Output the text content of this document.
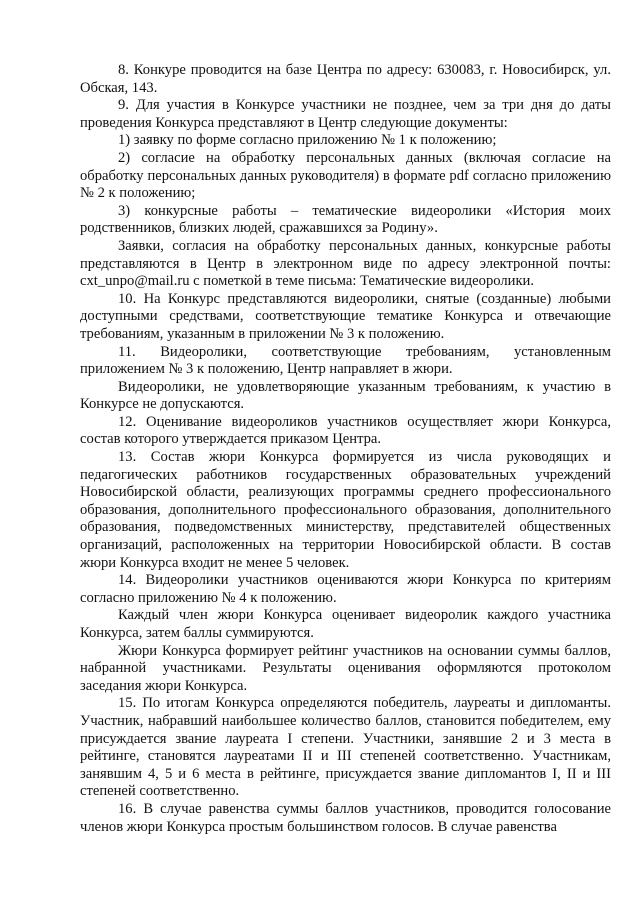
8. Конкуре проводится на базе Центра по адресу: 630083, г. Новосибирск, ул. Обская, 143.

9. Для участия в Конкурсе участники не позднее, чем за три дня до даты проведения Конкурса представляют в Центр следующие документы:

1) заявку по форме согласно приложению № 1 к положению;

2) согласие на обработку персональных данных (включая согласие на обработку персональных данных руководителя) в формате pdf согласно приложению № 2 к положению;

3) конкурсные работы – тематические видеоролики «История моих родственников, близких людей, сражавшихся за Родину».

Заявки, согласия на обработку персональных данных, конкурсные работы представляются в Центр в электронном виде по адресу электронной почты: cxt_unpo@mail.ru с пометкой в теме письма: Тематические видеоролики.

10. На Конкурс представляются видеоролики, снятые (созданные) любыми доступными средствами, соответствующие тематике Конкурса и отвечающие требованиям, указанным в приложении № 3 к положению.

11. Видеоролики, соответствующие требованиям, установленным приложением № 3 к положению, Центр направляет в жюри.

Видеоролики, не удовлетворяющие указанным требованиям, к участию в Конкурсе не допускаются.

12. Оценивание видеороликов участников осуществляет жюри Конкурса, состав которого утверждается приказом Центра.

13. Состав жюри Конкурса формируется из числа руководящих и педагогических работников государственных образовательных учреждений Новосибирской области, реализующих программы среднего профессионального образования, дополнительного профессионального образования, дополнительного образования, подведомственных министерству, представителей общественных организаций, расположенных на территории Новосибирской области. В состав жюри Конкурса входит не менее 5 человек.

14. Видеоролики участников оцениваются жюри Конкурса по критериям согласно приложению № 4 к положению.

Каждый член жюри Конкурса оценивает видеоролик каждого участника Конкурса, затем баллы суммируются.

Жюри Конкурса формирует рейтинг участников на основании суммы баллов, набранной участниками. Результаты оценивания оформляются протоколом заседания жюри Конкурса.

15. По итогам Конкурса определяются победитель, лауреаты и дипломанты. Участник, набравший наибольшее количество баллов, становится победителем, ему присуждается звание лауреата I степени. Участники, занявшие 2 и 3 места в рейтинге, становятся лауреатами II и III степеней соответственно. Участникам, занявшим 4, 5 и 6 места в рейтинге, присуждается звание дипломантов I, II и III степеней соответственно.

16. В случае равенства суммы баллов участников, проводится голосование членов жюри Конкурса простым большинством голосов. В случае равенства
